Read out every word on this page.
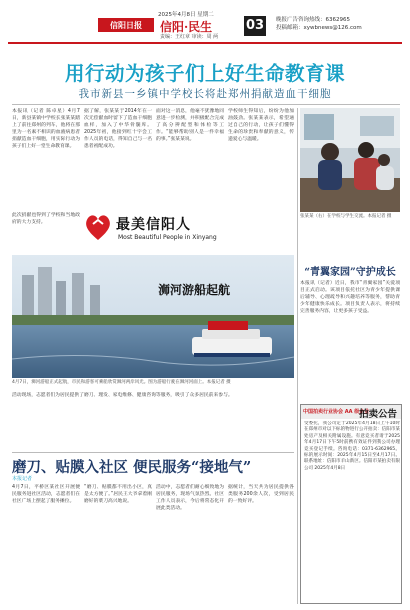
信阳日报
2025年4月8日 星期二
信阳·民生
责编：王红章 审读：周 两
03	晚报广告咨询热线：6362965
投稿邮箱：xywbnews@126.com
用行动为孩子们上好生命教育课
我市新县一乡镇中学校长将赴郑州捐献造血干细胞
本报讯（记者 陈卓星）4月7日，新县某镇中学校长张某某踏上了前往郑州的列车，他将在那里为一名素不相识的血液病患者捐献造血干细胞，用实际行动为孩子们上好一堂生命教育课。
据了解，张某某于2014年在一次无偿献血时留下了造血干细胞血样，加入了中华骨髓库。2025年初，他接到红十字会工作人员的电话，得知自己与一名患者初配成功。
面对这一消息，他毫不犹豫地同意进一步检测，并积极配合完成了高分辨配型和体检等工作。“能够帮助别人是一件幸福的事。”张某某说。
学校师生得知后，纷纷为他加油鼓劲。张某某表示，希望通过自己的行动，让孩子们懂得生命的珍贵和奉献的意义，传递爱心与温暖。
张某某（右）在学校与学生交流。本报记者 摄
此次捐献也得到了学校和当地政府的大力支持。	最美信阳人
Most Beautiful People in Xinyang
浉河游船起航
4月7日，浉河游船正式起航，市民和游客可乘船欣赏浉河两岸风光。图为游船行驶在浉河河面上。本报记者 摄
“青翼家园”守护成长
本报讯（记者）近日，我市“青翼家园”关爱项目正式启动。该项目依托社区为青少年提供课后辅导、心理疏导和兴趣培养等服务，帮助青少年健康快乐成长。项目负责人表示，将持续完善服务内容，让更多孩子受益。
活动现场，志愿者们为居民提供了磨刀、理发、家电维修、健康咨询等服务，吸引了众多居民前来参与。
磨刀、贴膜入社区 便民服务“接地气”
本报记者
4月7日，平桥区某社区开展便民服务进社区活动，志愿者们在社区广场上摆起了服务摊位。
“磨刀、贴膜都不用出小区，真是太方便了。”居民王大爷拿着刚磨好的菜刀高兴地说。
活动中，志愿者们耐心细致地为居民服务，现场气氛热烈。社区工作人员表示，今后将常态化开展此类活动。
据统计，当天共为居民提供各类服务200余人次，受到居民的一致好评。
中国拍卖行业协会 AA 级企业
拍卖公告
受委托，我公司定于2025年4月18日上午10时在郑州市对以下标的物进行公开拍卖：信阳市某处房产及相关附属设施。有意竞买者请于2025年4月17日下午5时前携有效证件到我公司办理竞买登记手续。咨询电话：0371-6362965。标的展示时间：2025年4月15日至4月17日。联系地址：信阳市羊山新区。信阳市某拍卖有限公司 2025年4月8日
